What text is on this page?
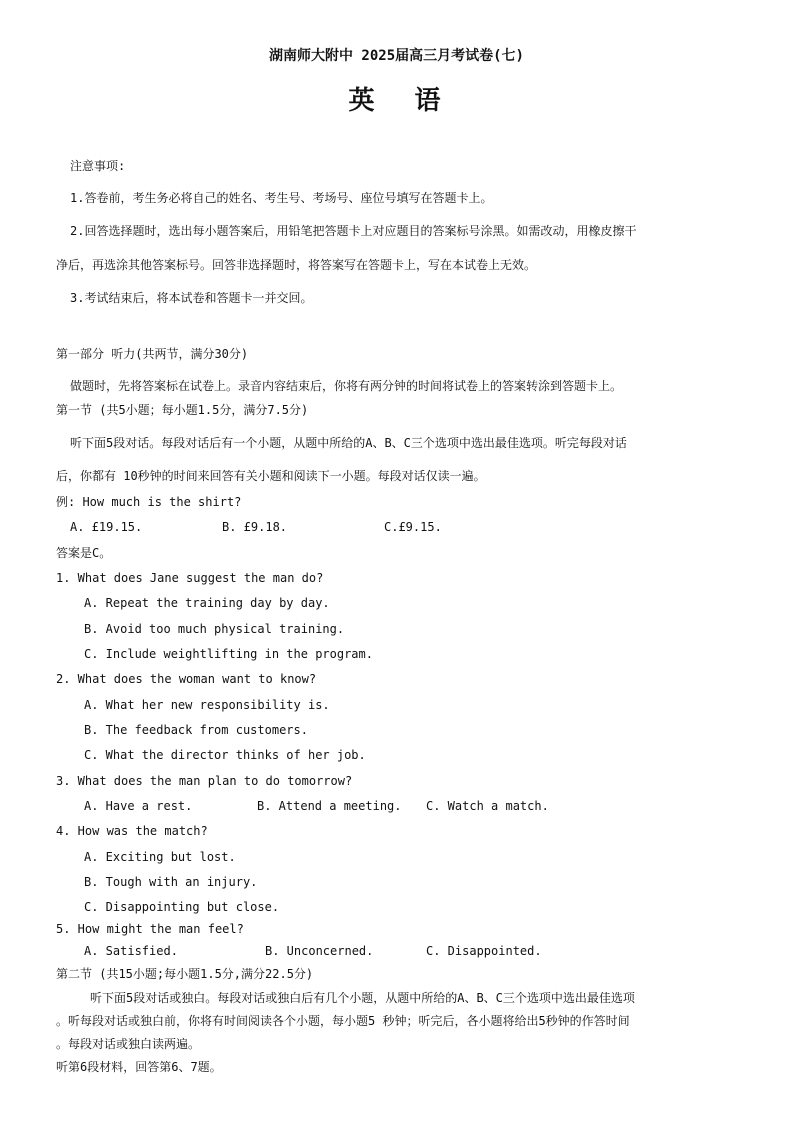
湖南师大附中 2025届高三月考试卷(七)
英 语
注意事项:
1.答卷前，考生务必将自己的姓名、考生号、考场号、座位号填写在答题卡上。
2.回答选择题时，选出每小题答案后，用铅笔把答题卡上对应题目的答案标号涂黑。如需改动，用橡皮擦干
净后，再选涂其他答案标号。回答非选择题时，将答案写在答题卡上，写在本试卷上无效。
3.考试结束后，将本试卷和答题卡一并交回。
第一部分 听力(共两节，满分30分)
做题时，先将答案标在试卷上。录音内容结束后，你将有两分钟的时间将试卷上的答案转涂到答题卡上。
第一节 (共5小题；每小题1.5分，满分7.5分)
听下面5段对话。每段对话后有一个小题，从题中所给的A、B、C三个选项中选出最佳选项。听完每段对话
后，你都有 10秒钟的时间来回答有关小题和阅读下一小题。每段对话仅读一遍。
例: How much is the shirt?
A. £19.15.	B. £9.18.	C.£9.15.
答案是C。
1. What does Jane suggest the man do?
A. Repeat the training day by day.
B. Avoid too much physical training.
C. Include weightlifting in the program.
2. What does the woman want to know?
A. What her new responsibility is.
B. The feedback from customers.
C. What the director thinks of her job.
3. What does the man plan to do tomorrow?
A. Have a rest.	B. Attend a meeting. C. Watch a match.
4. How was the match?
A. Exciting but lost.
B. Tough with an injury.
C. Disappointing but close.
5. How might the man feel?
A. Satisfied.	B. Unconcerned.	C. Disappointed.
第二节 (共15小题;每小题1.5分,满分22.5分)
听下面5段对话或独白。每段对话或独白后有几个小题，从题中所给的A、B、C三个选项中选出最佳选项
。听每段对话或独白前，你将有时间阅读各个小题，每小题5 秒钟；听完后，各小题将给出5秒钟的作答时间
。每段对话或独白读两遍。
听第6段材料，回答第6、7题。
